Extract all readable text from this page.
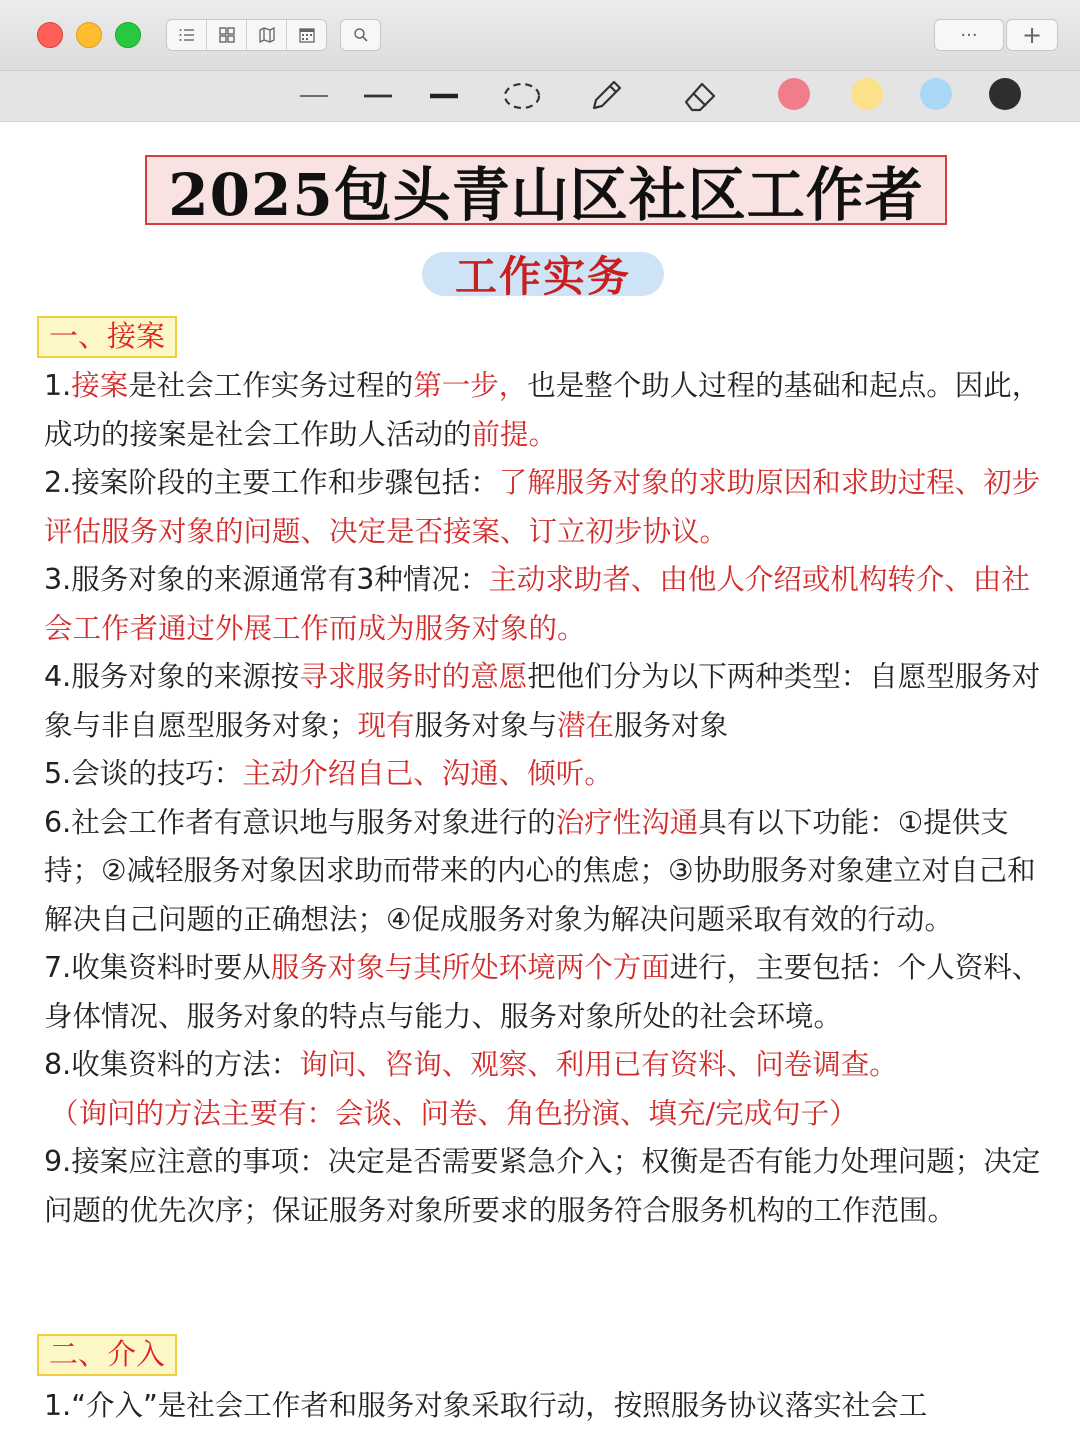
···	+
2025包头青山区社区工作者
工作实务
一、接案

1.接案是社会工作实务过程的第一步，也是整个助人过程的基础和起点。因此，成功的接案是社会工作助人活动的前提。

2.接案阶段的主要工作和步骤包括：了解服务对象的求助原因和求助过程、初步评估服务对象的问题、决定是否接案、订立初步协议。

3.服务对象的来源通常有3种情况：主动求助者、由他人介绍或机构转介、由社会工作者通过外展工作而成为服务对象的。

4.服务对象的来源按寻求服务时的意愿把他们分为以下两种类型：自愿型服务对象与非自愿型服务对象；现有服务对象与潜在服务对象

5.会谈的技巧：主动介绍自己、沟通、倾听。

6.社会工作者有意识地与服务对象进行的治疗性沟通具有以下功能：①提供支持；②减轻服务对象因求助而带来的内心的焦虑；③协助服务对象建立对自己和解决自己问题的正确想法；④促成服务对象为解决问题采取有效的行动。

7.收集资料时要从服务对象与其所处环境两个方面进行，主要包括：个人资料、身体情况、服务对象的特点与能力、服务对象所处的社会环境。

8.收集资料的方法：询问、咨询、观察、利用已有资料、问卷调查。

（询问的方法主要有：会谈、问卷、角色扮演、填充/完成句子）

9.接案应注意的事项：决定是否需要紧急介入；权衡是否有能力处理问题；决定问题的优先次序；保证服务对象所要求的服务符合服务机构的工作范围。

二、介入

1.“介入”是社会工作者和服务对象采取行动，按照服务协议落实社会工
